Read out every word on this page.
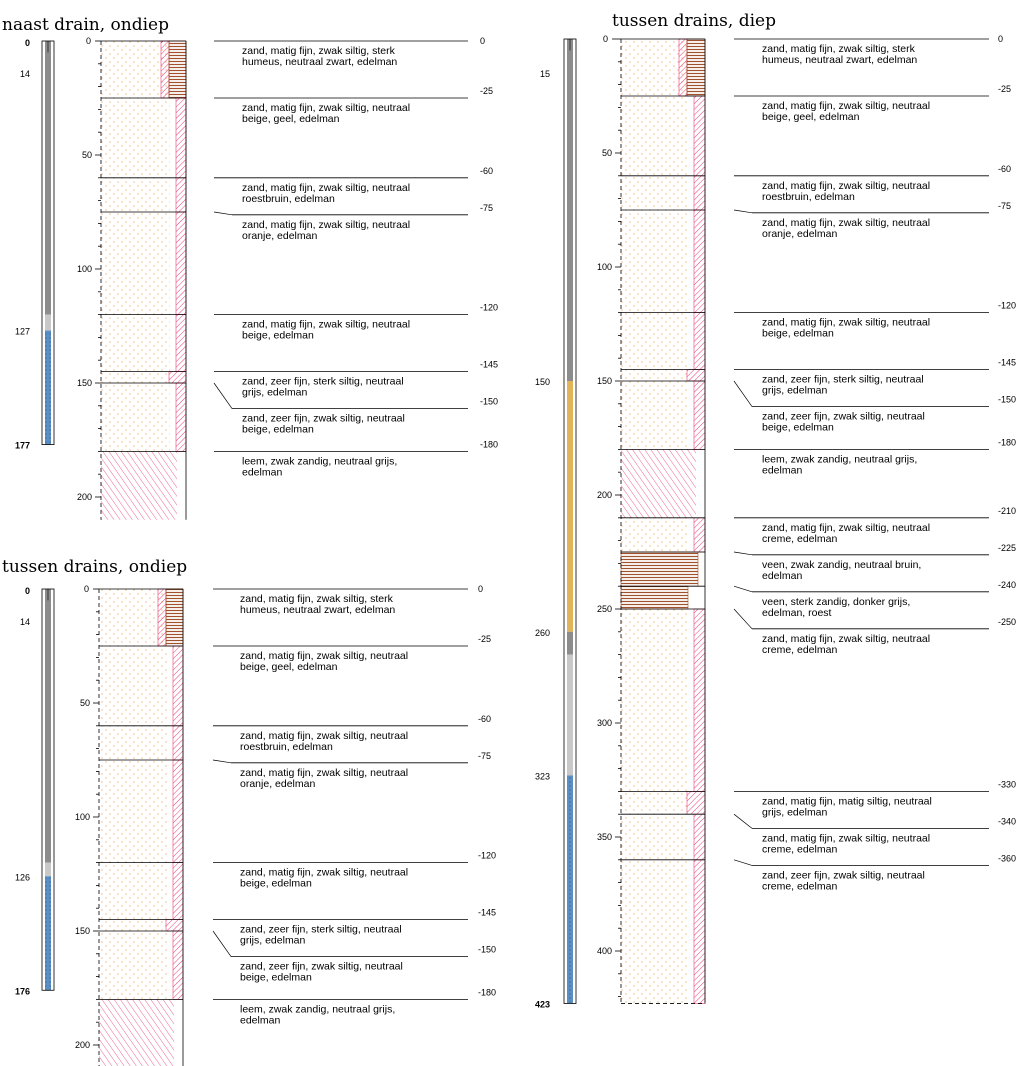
naast drain, ondiep
0
14
127
177
0
50
100
150
200
0
zand, matig fijn, zwak siltig, sterk
humeus, neutraal zwart, edelman
-25
zand, matig fijn, zwak siltig, neutraal
beige, geel, edelman
-60
zand, matig fijn, zwak siltig, neutraal
roestbruin, edelman
-75
zand, matig fijn, zwak siltig, neutraal
oranje, edelman
-120
zand, matig fijn, zwak siltig, neutraal
beige, edelman
-145
zand, zeer fijn, sterk siltig, neutraal
grijs, edelman
-150
zand, zeer fijn, zwak siltig, neutraal
beige, edelman
-180
leem, zwak zandig, neutraal grijs,
edelman
tussen drains, ondiep
0
14
126
176
0
50
100
150
200
0
zand, matig fijn, zwak siltig, sterk
humeus, neutraal zwart, edelman
-25
zand, matig fijn, zwak siltig, neutraal
beige, geel, edelman
-60
zand, matig fijn, zwak siltig, neutraal
roestbruin, edelman
-75
zand, matig fijn, zwak siltig, neutraal
oranje, edelman
-120
zand, matig fijn, zwak siltig, neutraal
beige, edelman
-145
zand, zeer fijn, sterk siltig, neutraal
grijs, edelman
-150
zand, zeer fijn, zwak siltig, neutraal
beige, edelman
-180
leem, zwak zandig, neutraal grijs,
edelman
tussen drains, diep
15
150
260
323
423
0
50
100
150
200
250
300
350
400
0
zand, matig fijn, zwak siltig, sterk
humeus, neutraal zwart, edelman
-25
zand, matig fijn, zwak siltig, neutraal
beige, geel, edelman
-60
zand, matig fijn, zwak siltig, neutraal
roestbruin, edelman
-75
zand, matig fijn, zwak siltig, neutraal
oranje, edelman
-120
zand, matig fijn, zwak siltig, neutraal
beige, edelman
-145
zand, zeer fijn, sterk siltig, neutraal
grijs, edelman
-150
zand, zeer fijn, zwak siltig, neutraal
beige, edelman
-180
leem, zwak zandig, neutraal grijs,
edelman
-210
zand, matig fijn, zwak siltig, neutraal
creme, edelman
-225
veen, zwak zandig, neutraal bruin,
edelman
-240
veen, sterk zandig, donker grijs,
edelman, roest
-250
zand, matig fijn, zwak siltig, neutraal
creme, edelman
-330
zand, matig fijn, matig siltig, neutraal
grijs, edelman
-340
zand, matig fijn, zwak siltig, neutraal
creme, edelman
-360
zand, zeer fijn, zwak siltig, neutraal
creme, edelman
